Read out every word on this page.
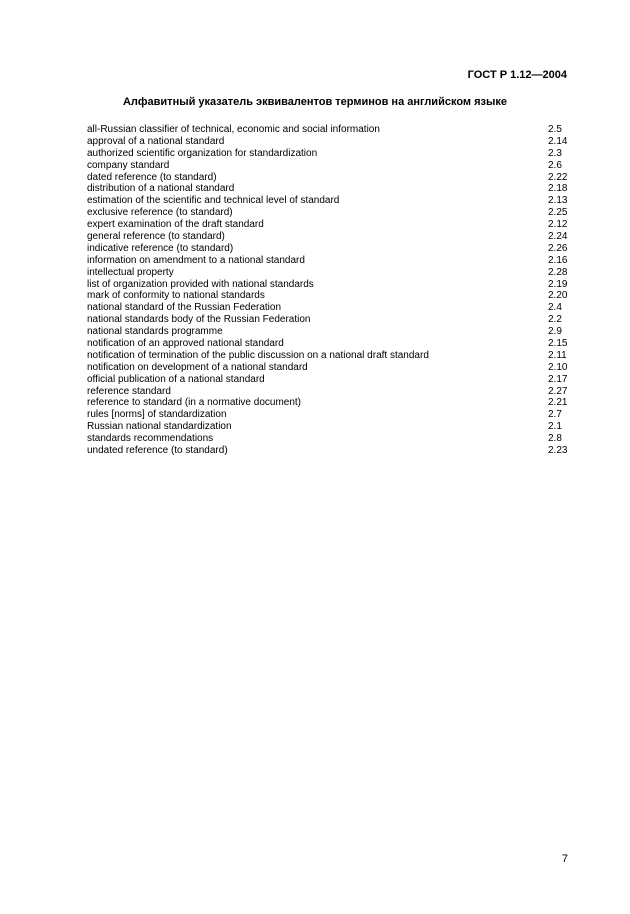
ГОСТ Р 1.12—2004
Алфавитный указатель эквивалентов терминов на английском языке
all-Russian classifier of technical, economic and social information	2.5
approval of a national standard	2.14
authorized scientific organization for standardization	2.3
company standard	2.6
dated reference (to standard)	2.22
distribution of a national standard	2.18
estimation of the scientific and technical level of standard	2.13
exclusive reference (to standard)	2.25
expert examination of the draft standard	2.12
general reference (to standard)	2.24
indicative reference (to standard)	2.26
information on amendment to a national standard	2.16
intellectual property	2.28
list of organization provided with national standards	2.19
mark of conformity to national standards	2.20
national standard of the Russian Federation	2.4
national standards body of the Russian Federation	2.2
national standards programme	2.9
notification of an approved national standard	2.15
notification of termination of the public discussion on a national draft standard	2.11
notification on development of a national standard	2.10
official publication of a national standard	2.17
reference standard	2.27
reference to standard (in a normative document)	2.21
rules [norms] of standardization	2.7
Russian national standardization	2.1
standards recommendations	2.8
undated reference (to standard)	2.23
7
